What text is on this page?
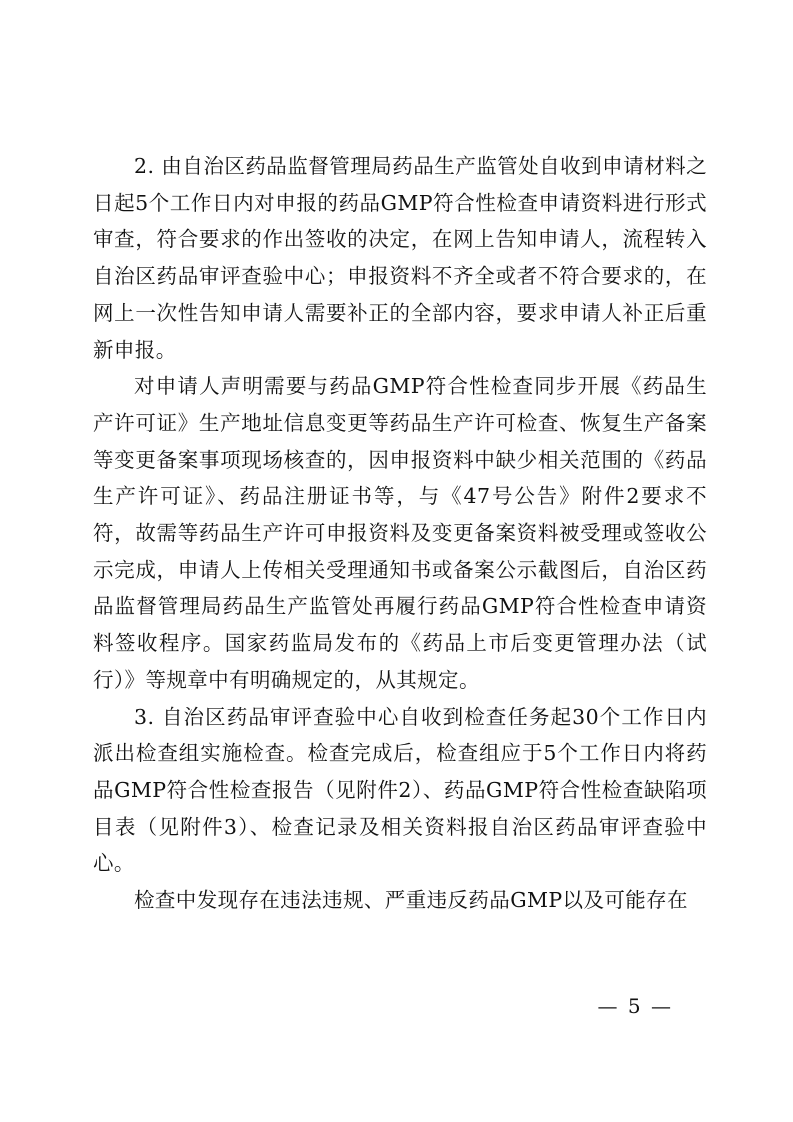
2. 由自治区药品监督管理局药品生产监管处自收到申请材料之日起5个工作日内对申报的药品GMP符合性检查申请资料进行形式审查，符合要求的作出签收的决定，在网上告知申请人，流程转入自治区药品审评查验中心；申报资料不齐全或者不符合要求的，在网上一次性告知申请人需要补正的全部内容，要求申请人补正后重新申报。

对申请人声明需要与药品GMP符合性检查同步开展《药品生产许可证》生产地址信息变更等药品生产许可检查、恢复生产备案等变更备案事项现场核查的，因申报资料中缺少相关范围的《药品生产许可证》、药品注册证书等，与《47号公告》附件2要求不符，故需等药品生产许可申报资料及变更备案资料被受理或签收公示完成，申请人上传相关受理通知书或备案公示截图后，自治区药品监督管理局药品生产监管处再履行药品GMP符合性检查申请资料签收程序。国家药监局发布的《药品上市后变更管理办法（试行）》等规章中有明确规定的，从其规定。

3. 自治区药品审评查验中心自收到检查任务起30个工作日内派出检查组实施检查。检查完成后，检查组应于5个工作日内将药品GMP符合性检查报告（见附件2）、药品GMP符合性检查缺陷项目表（见附件3）、检查记录及相关资料报自治区药品审评查验中心。

检查中发现存在违法违规、严重违反药品GMP以及可能存在

— 5 —
